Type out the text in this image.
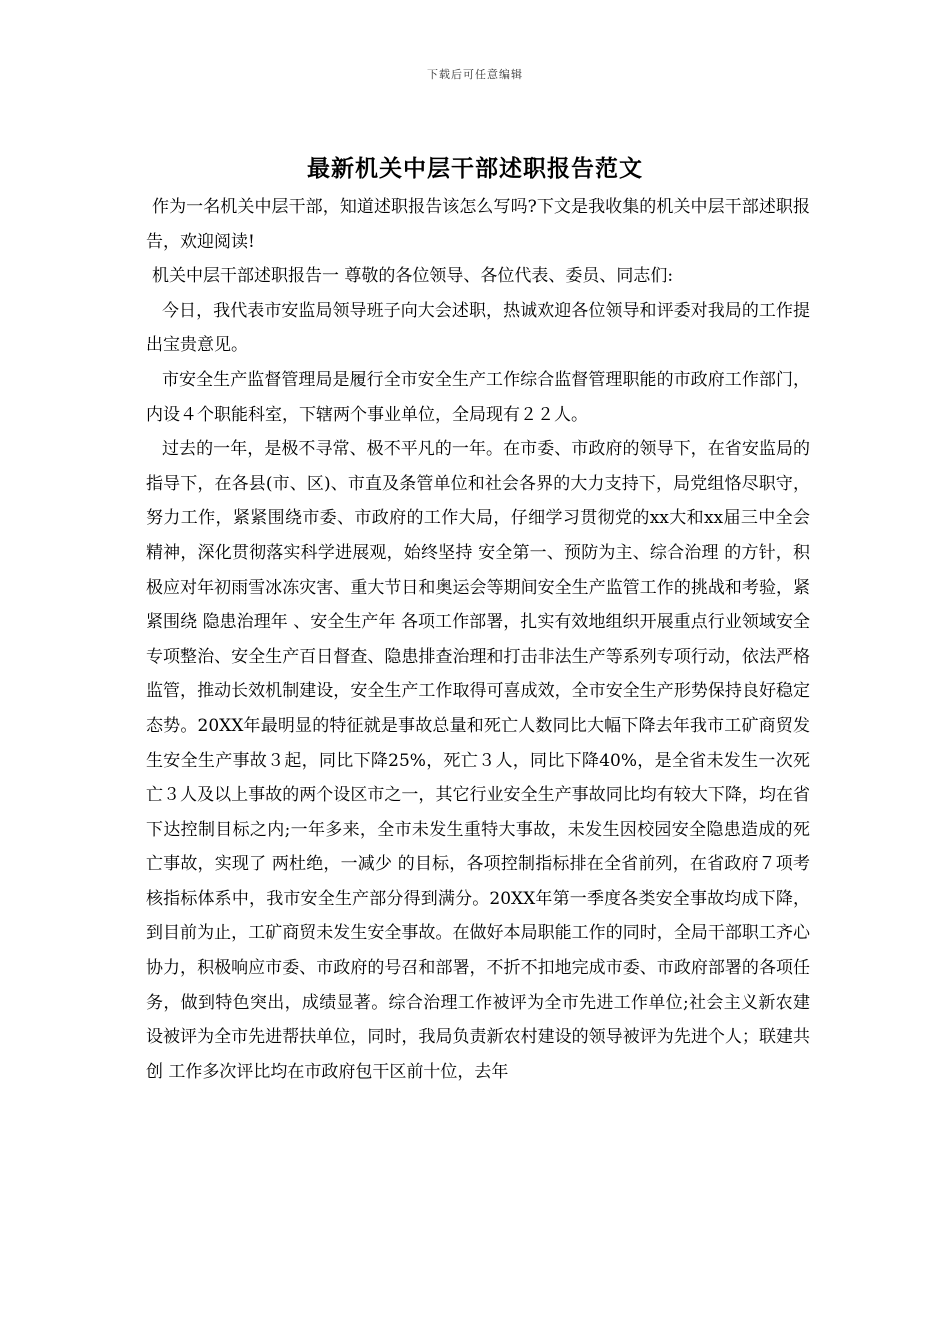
下载后可任意编辑
最新机关中层干部述职报告范文

作为一名机关中层干部，知道述职报告该怎么写吗?下文是我收集的机关中层干部述职报告，欢迎阅读!

机关中层干部述职报告一 尊敬的各位领导、各位代表、委员、同志们:

今日，我代表市安监局领导班子向大会述职，热诚欢迎各位领导和评委对我局的工作提出宝贵意见。

市安全生产监督管理局是履行全市安全生产工作综合监督管理职能的市政府工作部门，内设４个职能科室，下辖两个事业单位，全局现有２２人。

过去的一年，是极不寻常、极不平凡的一年。在市委、市政府的领导下，在省安监局的指导下，在各县(市、区)、市直及条管单位和社会各界的大力支持下，局党组恪尽职守，努力工作，紧紧围绕市委、市政府的工作大局，仔细学习贯彻党的xx大和xx届三中全会精神，深化贯彻落实科学进展观，始终坚持 安全第一、预防为主、综合治理 的方针，积极应对年初雨雪冰冻灾害、重大节日和奥运会等期间安全生产监管工作的挑战和考验，紧紧围绕 隐患治理年 、安全生产年 各项工作部署，扎实有效地组织开展重点行业领域安全专项整治、安全生产百日督查、隐患排查治理和打击非法生产等系列专项行动，依法严格监管，推动长效机制建设，安全生产工作取得可喜成效，全市安全生产形势保持良好稳定态势。20XX年最明显的特征就是事故总量和死亡人数同比大幅下降去年我市工矿商贸发生安全生产事故３起，同比下降25%，死亡３人，同比下降40%，是全省未发生一次死亡３人及以上事故的两个设区市之一，其它行业安全生产事故同比均有较大下降，均在省下达控制目标之内;一年多来，全市未发生重特大事故，未发生因校园安全隐患造成的死亡事故，实现了 两杜绝，一减少 的目标，各项控制指标排在全省前列，在省政府７项考核指标体系中，我市安全生产部分得到满分。20XX年第一季度各类安全事故均成下降，到目前为止，工矿商贸未发生安全事故。在做好本局职能工作的同时，全局干部职工齐心协力，积极响应市委、市政府的号召和部署，不折不扣地完成市委、市政府部署的各项任务，做到特色突出，成绩显著。综合治理工作被评为全市先进工作单位;社会主义新农建设被评为全市先进帮扶单位，同时，我局负责新农村建设的领导被评为先进个人；联建共创 工作多次评比均在市政府包干区前十位，去年
